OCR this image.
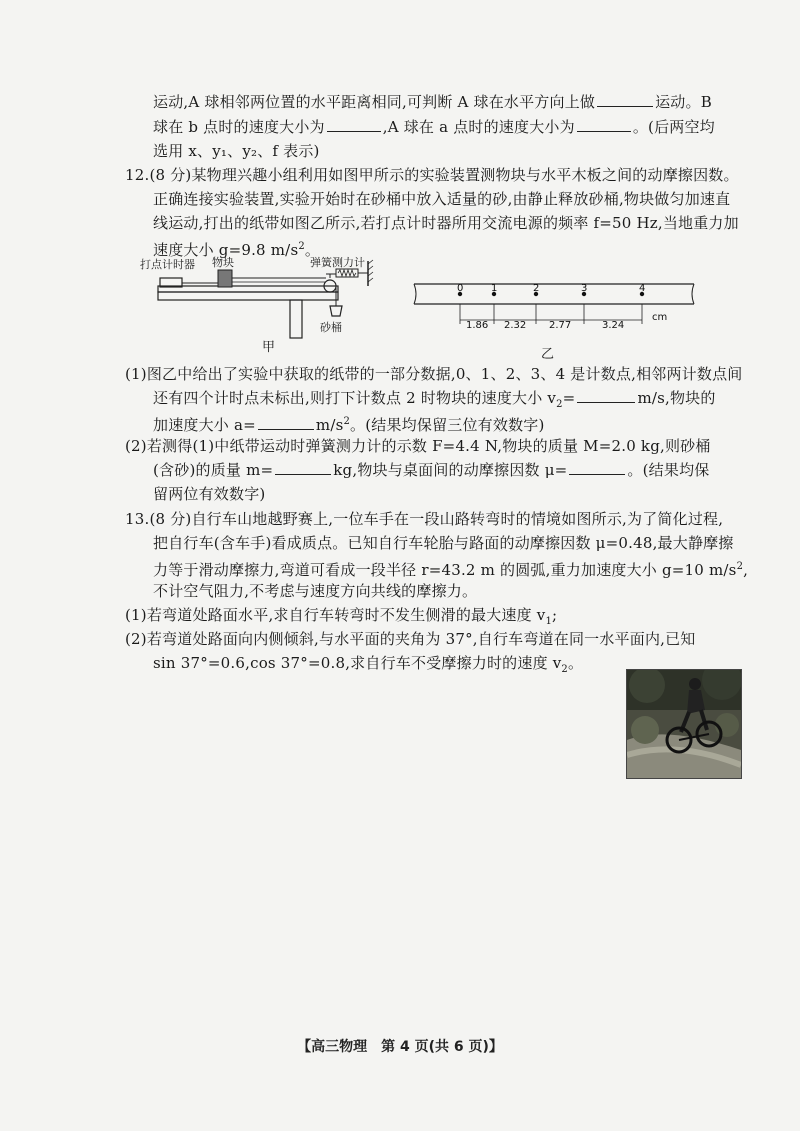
运动,A 球相邻两位置的水平距离相同,可判断 A 球在水平方向上做	运动。B
球在 b 点时的速度大小为	,A 球在 a 点时的速度大小为	。(后两空均
选用 x、y₁、y₂、f 表示)
12.(8 分)某物理兴趣小组利用如图甲所示的实验装置测物块与水平木板之间的动摩擦因数。
正确连接实验装置,实验开始时在砂桶中放入适量的砂,由静止释放砂桶,物块做匀加速直
线运动,打出的纸带如图乙所示,若打点计时器所用交流电源的频率 f=50 Hz,当地重力加
速度大小 g=9.8 $m/s^2$。
打点计时器 物块	弹簧测力计
砂桶
甲
0	1	2	3	4
1.86 2.32 2.77	3.24
cm
乙
(1)图乙中给出了实验中获取的纸带的一部分数据,0、1、2、3、4 是计数点,相邻两计数点间
还有四个计时点未标出,则打下计数点 2 时物块的速度大小 $v_2=$	m/s,物块的
加速度大小 a=	$m/s^2$。(结果均保留三位有效数字)
(2)若测得(1)中纸带运动时弹簧测力计的示数 F=4.4 N,物块的质量 M=2.0 kg,则砂桶
(含砂)的质量 m=	kg,物块与桌面间的动摩擦因数 μ=	。(结果均保
留两位有效数字)
13.(8 分)自行车山地越野赛上,一位车手在一段山路转弯时的情境如图所示,为了简化过程,
把自行车(含车手)看成质点。已知自行车轮胎与路面的动摩擦因数 μ=0.48,最大静摩擦
力等于滑动摩擦力,弯道可看成一段半径 r=43.2 m 的圆弧,重力加速度大小 g=10 $m/s^2$,
不计空气阻力,不考虑与速度方向共线的摩擦力。
(1)若弯道处路面水平,求自行车转弯时不发生侧滑的最大速度 $v_1$;
(2)若弯道处路面向内侧倾斜,与水平面的夹角为 37°,自行车弯道在同一水平面内,已知
sin 37°=0.6,cos 37°=0.8,求自行车不受摩擦力时的速度 $v_2$。
【高三物理　第 4 页(共 6 页)】
